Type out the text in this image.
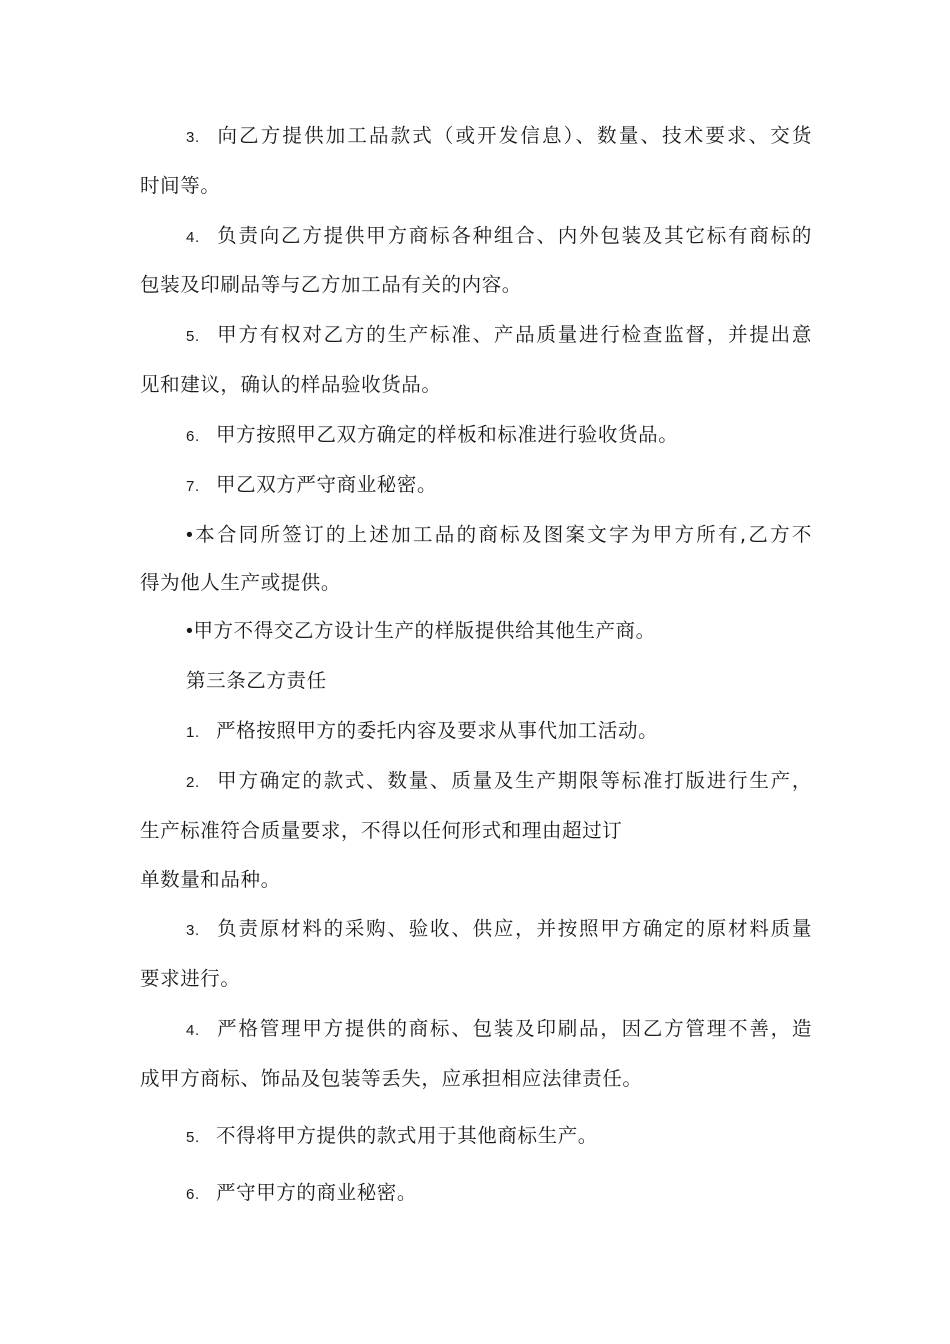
3. 向乙方提供加工品款式（或开发信息）、数量、技术要求、交货
时间等。
4. 负责向乙方提供甲方商标各种组合、内外包装及其它标有商标的
包装及印刷品等与乙方加工品有关的内容。
5. 甲方有权对乙方的生产标准、产品质量进行检查监督，并提出意
见和建议，确认的样品验收货品。
6. 甲方按照甲乙双方确定的样板和标准进行验收货品。
7. 甲乙双方严守商业秘密。
•本合同所签订的上述加工品的商标及图案文字为甲方所有,乙方不
得为他人生产或提供。
•甲方不得交乙方设计生产的样版提供给其他生产商。
第三条乙方责任
1. 严格按照甲方的委托内容及要求从事代加工活动。
2. 甲方确定的款式、数量、质量及生产期限等标准打版进行生产，
生产标准符合质量要求，不得以任何形式和理由超过订
单数量和品种。
3. 负责原材料的采购、验收、供应，并按照甲方确定的原材料质量
要求进行。
4. 严格管理甲方提供的商标、包装及印刷品，因乙方管理不善，造
成甲方商标、饰品及包装等丢失，应承担相应法律责任。
5. 不得将甲方提供的款式用于其他商标生产。
6. 严守甲方的商业秘密。
